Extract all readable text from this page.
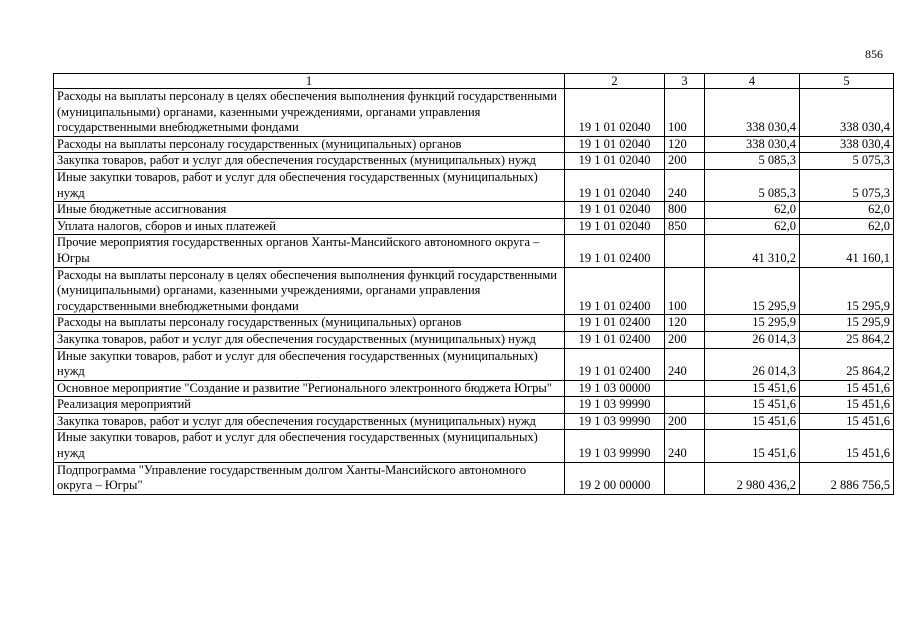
856
1	2	3	4	5
Расходы на выплаты персоналу в целях обеспечения выполнения функций государственными (муниципальными) органами, казенными учреждениями, органами управления государственными внебюджетными фондами	19 1 01 02040	100	338 030,4	338 030,4
Расходы на выплаты персоналу государственных (муниципальных) органов	19 1 01 02040	120	338 030,4	338 030,4
Закупка товаров, работ и услуг для обеспечения государственных (муниципальных) нужд	19 1 01 02040	200	5 085,3	5 075,3
Иные закупки товаров, работ и услуг для обеспечения государственных (муниципальных) нужд	19 1 01 02040	240	5 085,3	5 075,3
Иные бюджетные ассигнования	19 1 01 02040	800	62,0	62,0
Уплата налогов, сборов и иных платежей	19 1 01 02040	850	62,0	62,0
Прочие мероприятия государственных органов Ханты-Мансийского автономного округа – Югры	19 1 01 02400		41 310,2	41 160,1
Расходы на выплаты персоналу в целях обеспечения выполнения функций государственными (муниципальными) органами, казенными учреждениями, органами управления государственными внебюджетными фондами	19 1 01 02400	100	15 295,9	15 295,9
Расходы на выплаты персоналу государственных (муниципальных) органов	19 1 01 02400	120	15 295,9	15 295,9
Закупка товаров, работ и услуг для обеспечения государственных (муниципальных) нужд	19 1 01 02400	200	26 014,3	25 864,2
Иные закупки товаров, работ и услуг для обеспечения государственных (муниципальных) нужд	19 1 01 02400	240	26 014,3	25 864,2
Основное мероприятие "Создание и развитие "Регионального электронного бюджета Югры"	19 1 03 00000		15 451,6	15 451,6
Реализация мероприятий	19 1 03 99990		15 451,6	15 451,6
Закупка товаров, работ и услуг для обеспечения государственных (муниципальных) нужд	19 1 03 99990	200	15 451,6	15 451,6
Иные закупки товаров, работ и услуг для обеспечения государственных (муниципальных) нужд	19 1 03 99990	240	15 451,6	15 451,6
Подпрограмма "Управление государственным долгом Ханты-Мансийского автономного округа – Югры"	19 2 00 00000		2 980 436,2	2 886 756,5
